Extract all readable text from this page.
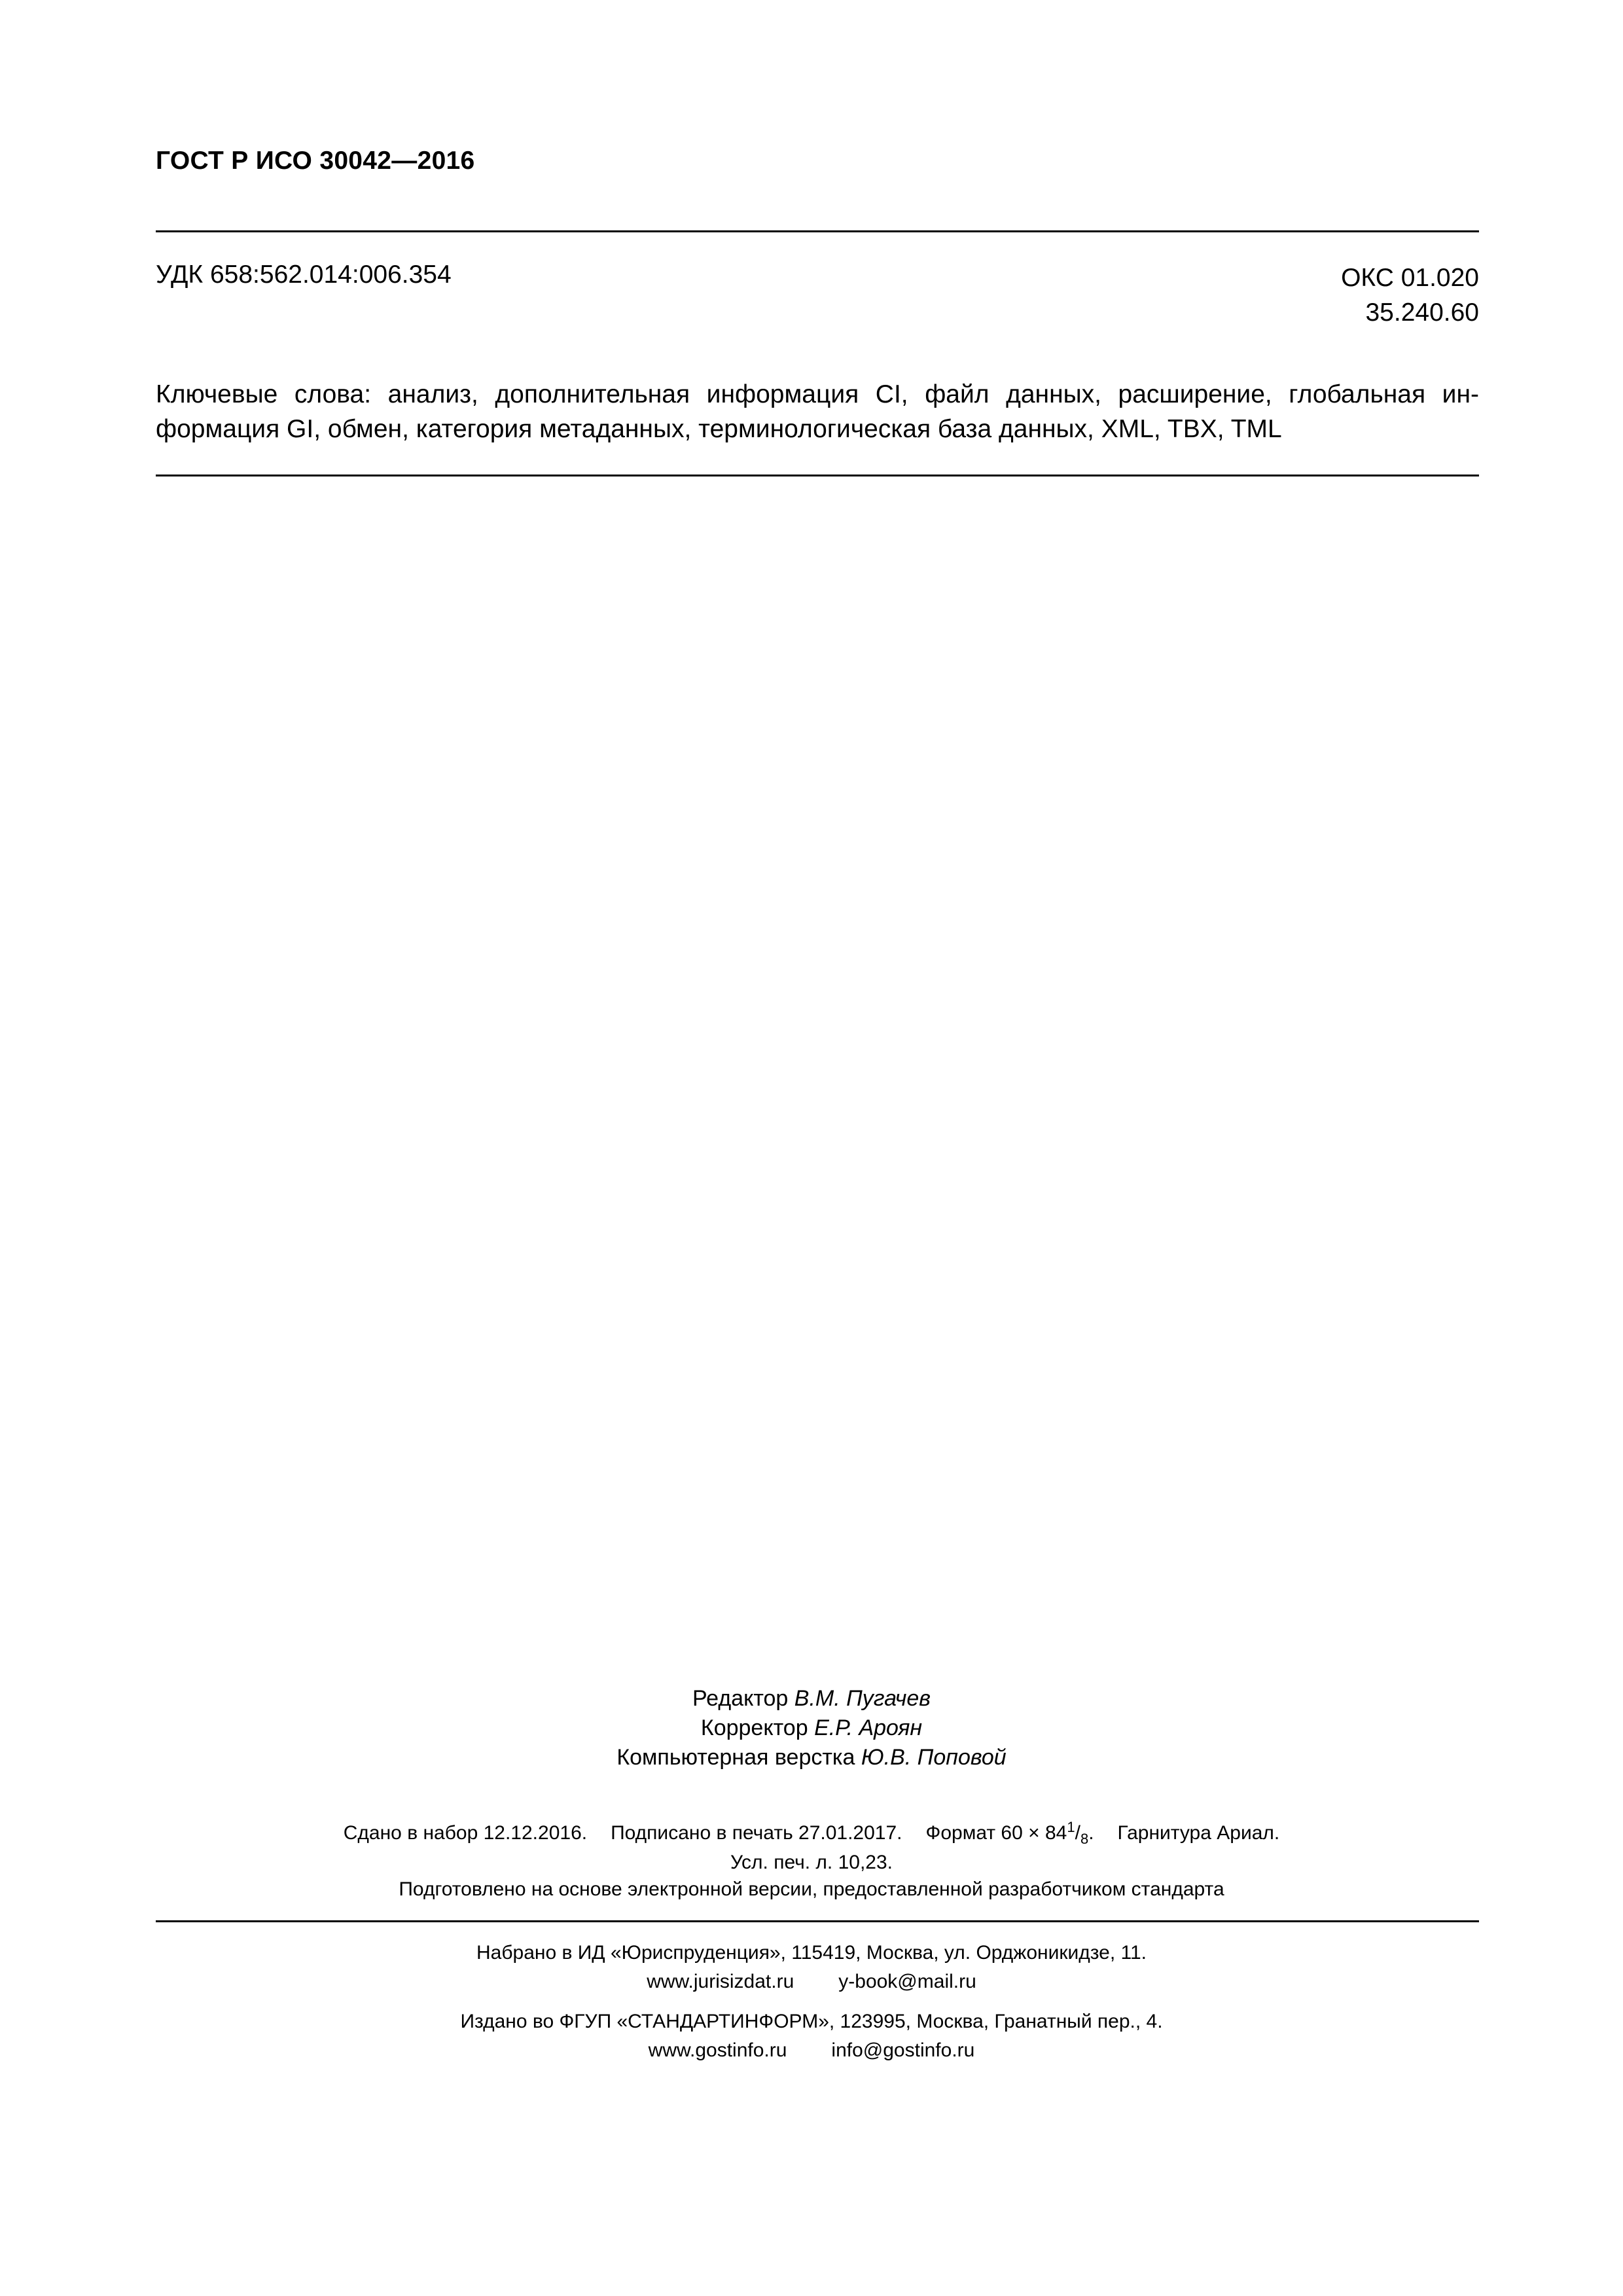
ГОСТ Р ИСО 30042—2016
УДК 658:562.014:006.354	ОКС 01.020
35.240.60
Ключевые слова: анализ, дополнительная информация CI, файл данных, расширение, глобальная ин-
формация GI, обмен, категория метаданных, терминологическая база данных, XML, TBX, TML
Редактор В.М. Пугачев
Корректор Е.Р. Ароян
Компьютерная верстка Ю.В. Поповой
Сдано в набор 12.12.2016. Подписано в печать 27.01.2017. Формат $60 \times 84^1/_8$. Гарнитура Ариал.
Усл. печ. л. 10,23.
Подготовлено на основе электронной версии, предоставленной разработчиком стандарта
Набрано в ИД «Юриспруденция», 115419, Москва, ул. Орджоникидзе, 11.
www.jurisizdat.ru y-book@mail.ru
Издано во ФГУП «СТАНДАРТИНФОРМ», 123995, Москва, Гранатный пер., 4.
www.gostinfo.ru info@gostinfo.ru
